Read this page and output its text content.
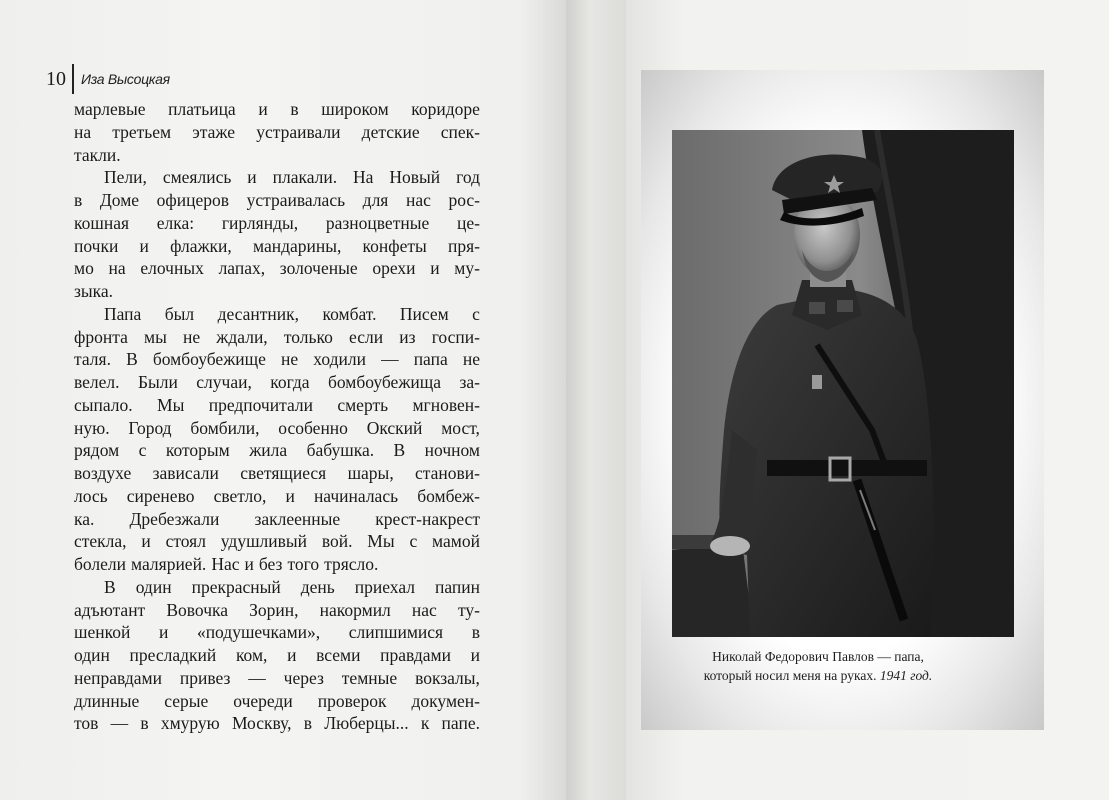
10 Иза Высоцкая
марлевые платьица и в широком коридоре
на третьем этаже устраивали детские спек-
такли.
Пели, смеялись и плакали. На Новый год
в Доме офицеров устраивалась для нас рос-
кошная елка: гирлянды, разноцветные це-
почки и флажки, мандарины, конфеты пря-
мо на елочных лапах, золоченые орехи и му-
зыка.
Папа был десантник, комбат. Писем с
фронта мы не ждали, только если из госпи-
таля. В бомбоубежище не ходили — папа не
велел. Были случаи, когда бомбоубежища за-
сыпало. Мы предпочитали смерть мгновен-
ную. Город бомбили, особенно Окский мост,
рядом с которым жила бабушка. В ночном
воздухе зависали светящиеся шары, станови-
лось сиренево светло, и начиналась бомбеж-
ка. Дребезжали заклеенные крест-накрест
стекла, и стоял удушливый вой. Мы с мамой
болели малярией. Нас и без того трясло.
В один прекрасный день приехал папин
адъютант Вовочка Зорин, накормил нас ту-
шенкой и «подушечками», слипшимися в
один пресладкий ком, и всеми правдами и
неправдами привез — через темные вокзалы,
длинные серые очереди проверок докумен-
тов — в хмурую Москву, в Люберцы... к папе.
Николай Федорович Павлов — папа,
который носил меня на руках. 1941 год.
